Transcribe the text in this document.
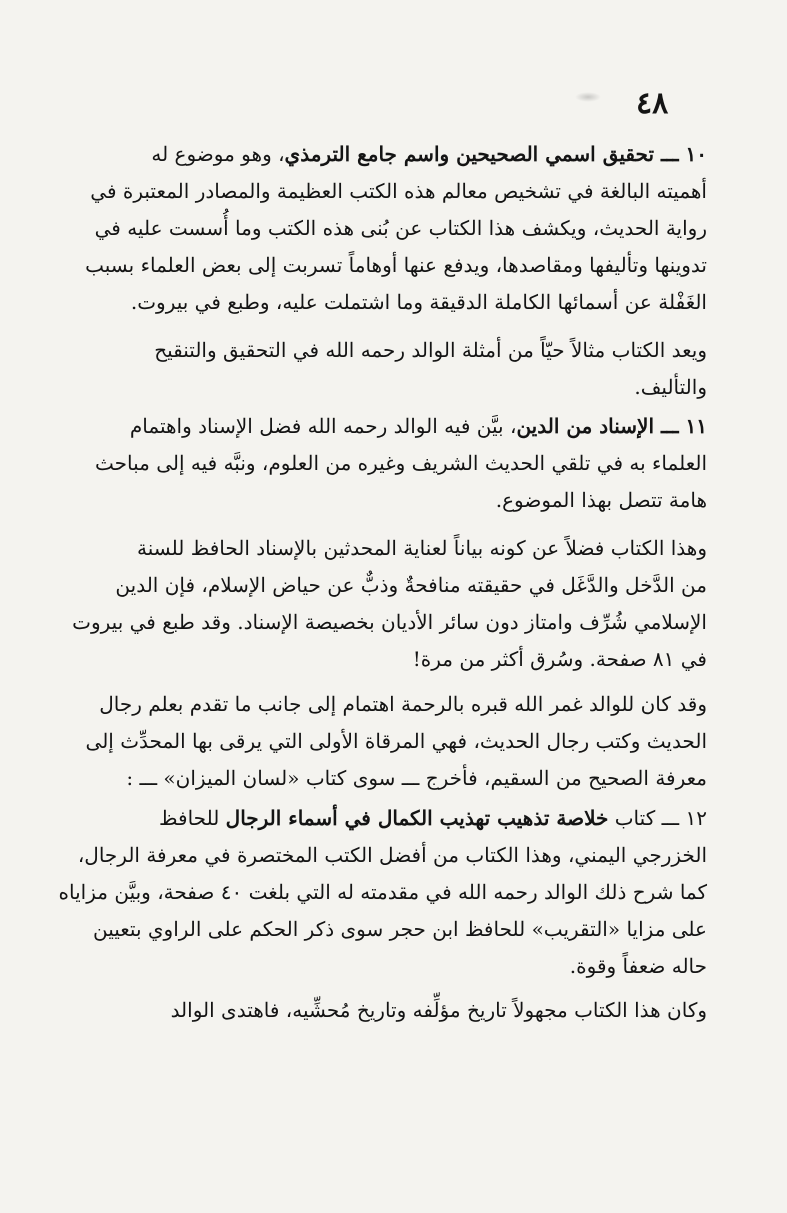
٤٨
١٠ ـــ تحقيق اسمي الصحيحين واسم جامع الترمذي، وهو موضوع له
أهميته البالغة في تشخيص معالم هذه الكتب العظيمة والمصادر المعتبرة في
رواية الحديث، ويكشف هذا الكتاب عن بُنى هذه الكتب وما أُسست عليه في
تدوينها وتأليفها ومقاصدها، ويدفع عنها أوهاماً تسربت إلى بعض العلماء بسبب
الغَفْلة عن أسمائها الكاملة الدقيقة وما اشتملت عليه، وطبع في بيروت.
ويعد الكتاب مثالاً حيّاً من أمثلة الوالد رحمه الله في التحقيق والتنقيح
والتأليف.
١١ ـــ الإسناد من الدين، بيَّن فيه الوالد رحمه الله فضل الإسناد واهتمام
العلماء به في تلقي الحديث الشريف وغيره من العلوم، ونبَّه فيه إلى مباحث
هامة تتصل بهذا الموضوع.
وهذا الكتاب فضلاً عن كونه بياناً لعناية المحدثين بالإسناد الحافظ للسنة
من الدَّخل والدَّغَل في حقيقته منافحةٌ وذبٌّ عن حياض الإسلام، فإن الدين
الإسلامي شُرِّف وامتاز دون سائر الأديان بخصيصة الإسناد. وقد طبع في بيروت
في ٨١ صفحة. وسُرق أكثر من مرة!
وقد كان للوالد غمر الله قبره بالرحمة اهتمام إلى جانب ما تقدم بعلم رجال
الحديث وكتب رجال الحديث، فهي المرقاة الأولى التي يرقى بها المحدِّث إلى
معرفة الصحيح من السقيم، فأخرج ـــ سوى كتاب «لسان الميزان» ـــ :
١٢ ـــ كتاب خلاصة تذهيب تهذيب الكمال في أسماء الرجال للحافظ
الخزرجي اليمني، وهذا الكتاب من أفضل الكتب المختصرة في معرفة الرجال،
كما شرح ذلك الوالد رحمه الله في مقدمته له التي بلغت ٤٠ صفحة، وبيَّن مزاياه
على مزايا «التقريب» للحافظ ابن حجر سوى ذكر الحكم على الراوي بتعيين
حاله ضعفاً وقوة.
وكان هذا الكتاب مجهولاً تاريخ مؤلِّفه وتاريخ مُحشِّيه، فاهتدى الوالد
